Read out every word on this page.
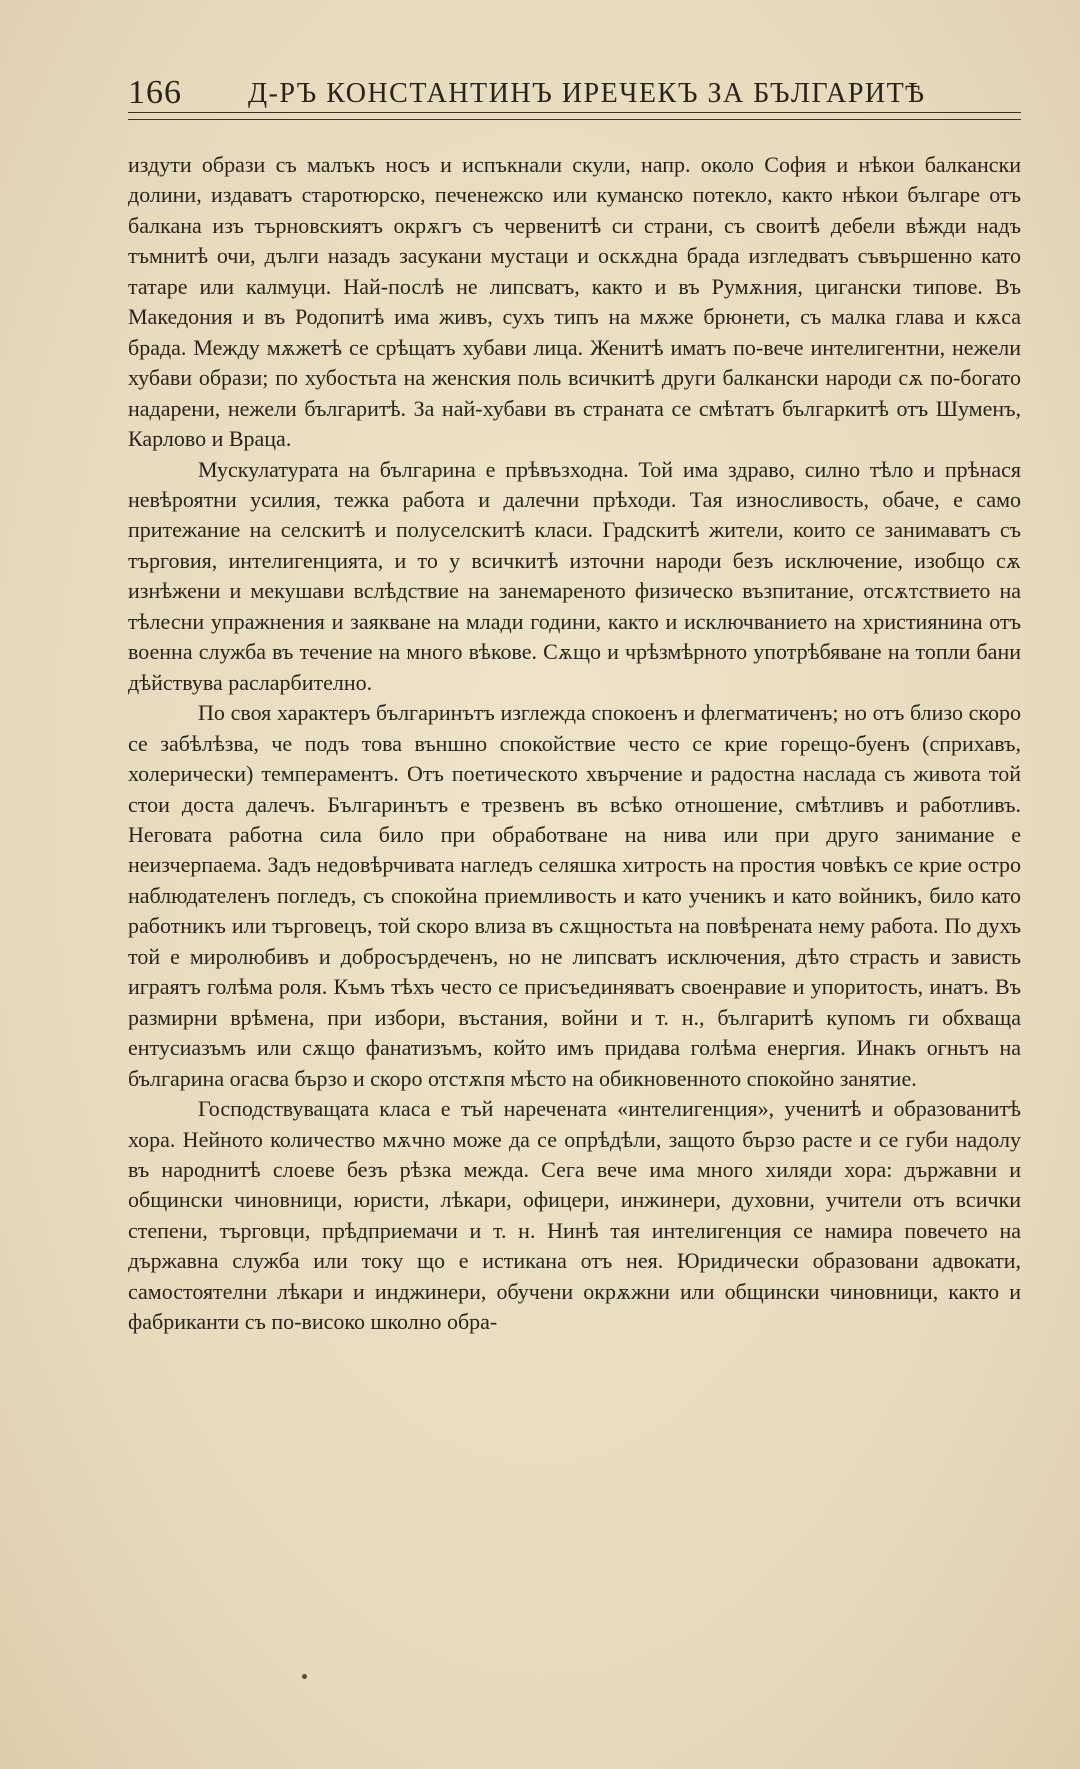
166 Д-РЪ КОНСТАНТИНЪ ИРЕЧЕКЪ ЗА БЪЛГАРИТѢ

издути образи съ малъкъ носъ и испъкнали скули, напр. около София и нѣкои балкански долини, издаватъ старотюрско, печенежско или куманско потекло, както нѣкои българе отъ балкана изъ търновскиятъ окрѫгъ съ червенитѣ си страни, съ своитѣ дебели вѣжди надъ тъмнитѣ очи, дълги назадъ засукани мустаци и оскѫдна брада изгледватъ съвършенно като татаре или калмуци. Най-послѣ не липсватъ, както и въ Румѫния, цигански типове. Въ Македония и въ Родопитѣ има живъ, сухъ типъ на мѫже брюнети, съ малка глава и кѫса брада. Между мѫжетѣ се срѣщатъ хубави лица. Женитѣ иматъ по-вече интелигентни, нежели хубави образи; по хубостьта на женския поль всичкитѣ други балкански народи сѫ по-богато надарени, нежели българитѣ. За най-хубави въ страната се смѣтатъ българкитѣ отъ Шуменъ, Карлово и Враца.

Мускулатурата на българина е прѣвъзходна. Той има здраво, силно тѣло и прѣнася невѣроятни усилия, тежка работа и далечни прѣходи. Тая износливость, обаче, е само притежание на селскитѣ и полуселскитѣ класи. Градскитѣ жители, които се занимаватъ съ търговия, интелигенцията, и то у всичкитѣ източни народи безъ исключение, изобщо сѫ изнѣжени и мекушави вслѣдствие на занемареното физическо възпитание, отсѫтствието на тѣлесни упражнения и заякване на млади години, както и исключванието на християнина отъ военна служба въ течение на много вѣкове. Сѫщо и чрѣзмѣрното употрѣбяване на топли бани дѣйствува расларбително.

По своя характеръ българинътъ изглежда спокоенъ и флегматиченъ; но отъ близо скоро се забѣлѣзва, че подъ това външно спокойствие често се крие горещо-буенъ (сприхавъ, холерически) темпераментъ. Отъ поетическото хвърчение и радостна наслада съ живота той стои доста далечъ. Българинътъ е трезвенъ въ всѣко отношение, смѣтливъ и работливъ. Неговата работна сила било при обработване на нива или при друго занимание е неизчерпаема. Задъ недовѣрчивата нагледъ селяшка хитрость на простия човѣкъ се крие остро наблюдателенъ погледъ, съ спокойна приемливость и като ученикъ и като войникъ, било като работникъ или търговецъ, той скоро влиза въ сѫщностьта на повѣрената нему работа. По духъ той е миролюбивъ и добросърдеченъ, но не липсватъ исключения, дѣто страсть и зависть играятъ голѣма роля. Къмъ тѣхъ често се присъединяватъ своенравие и упоритость, инатъ. Въ размирни врѣмена, при избори, въстания, войни и т. н., българитѣ купомъ ги обхваща ентусиазъмъ или сѫщо фанатизъмъ, който имъ придава голѣма енергия. Инакъ огньтъ на българина огасва бързо и скоро отстѫпя мѣсто на обикновенното спокойно занятие.

Господствуващата класа е тъй наречената «интелигенция», ученитѣ и образованитѣ хора. Нейното количество мѫчно може да се опрѣдѣли, защото бързо расте и се губи надолу въ народнитѣ слоеве безъ рѣзка межда. Сега вече има много хиляди хора: държавни и общински чиновници, юристи, лѣкари, офицери, инжинери, духовни, учители отъ всички степени, търговци, прѣдприемачи и т. н. Нинѣ тая интелигенция се намира повечето на държавна служба или току що е истикана отъ нея. Юридически образовани адвокати, самостоятелни лѣкари и инджинери, обучени окрѫжни или общински чиновници, както и фабриканти съ по-високо школно обра-
